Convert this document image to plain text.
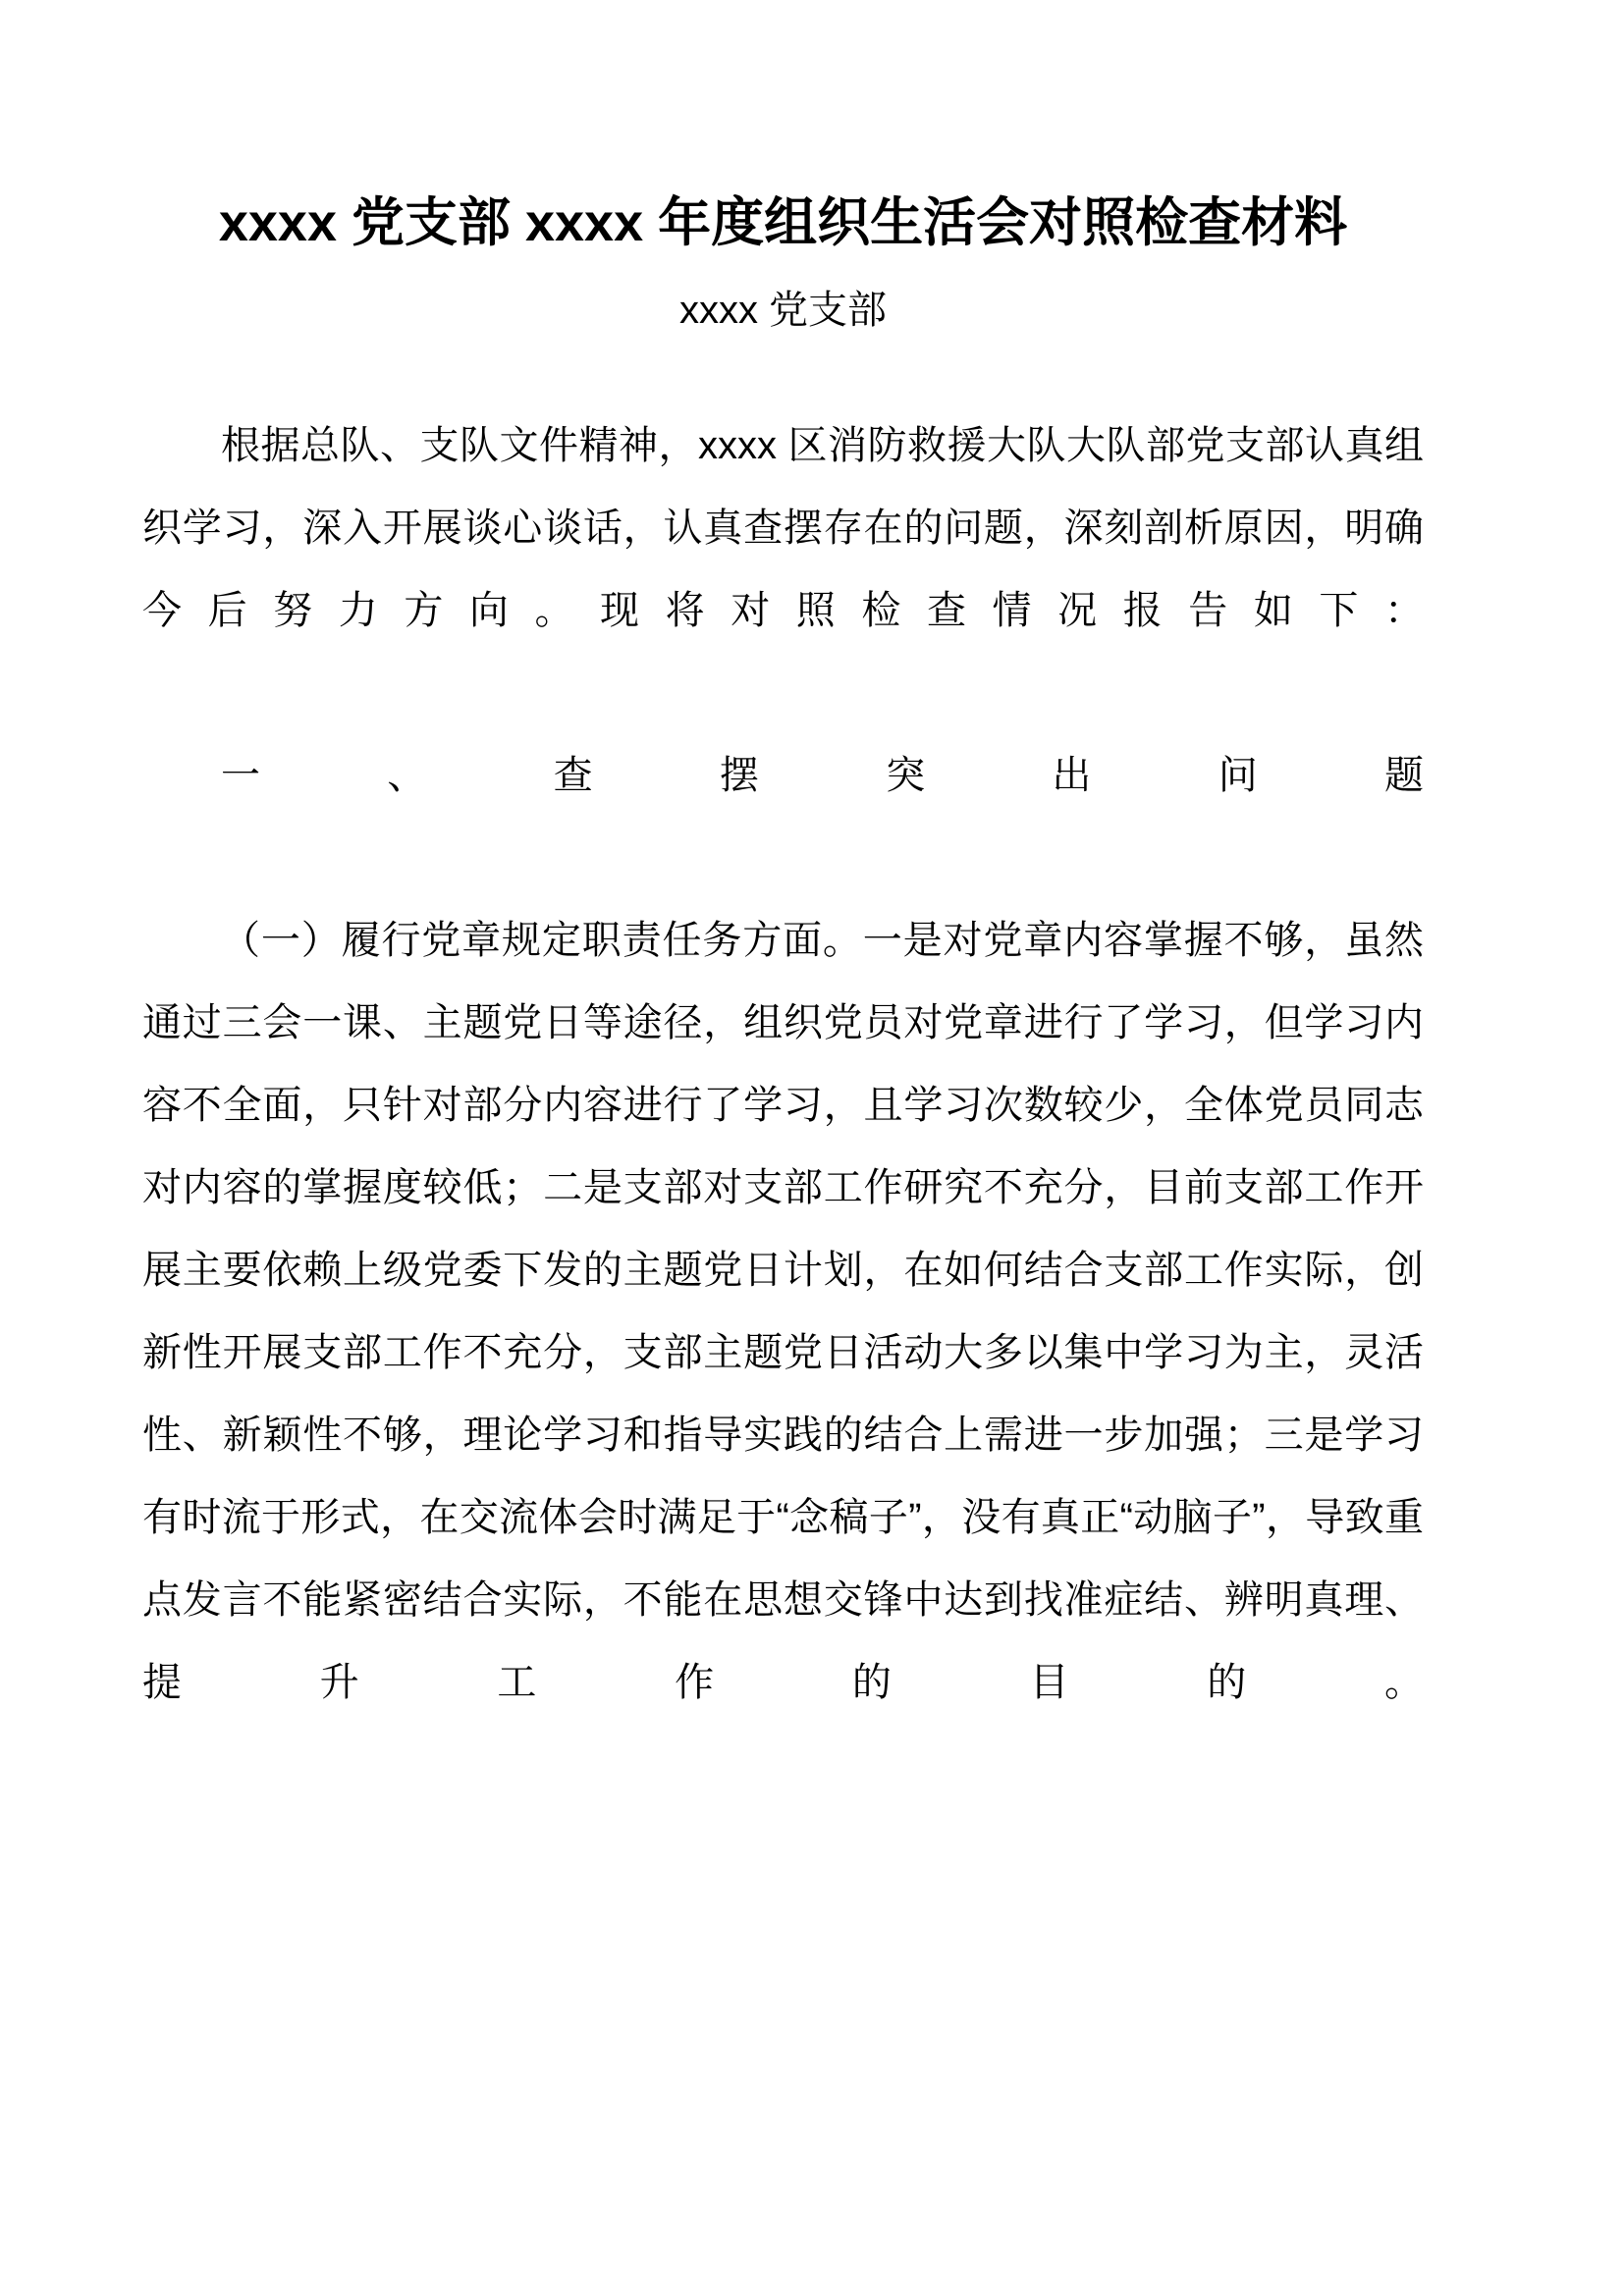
xxxx 党支部 xxxx 年度组织生活会对照检查材料
xxxx 党支部

根据总队、支队文件精神，xxxx 区消防救援大队大队部党支部认真组织学习，深入开展谈心谈话，认真查摆存在的问题，深刻剖析原因，明确今后努力方向。现将对照检查情况报告如下：

一、查摆突出问题

（一）履行党章规定职责任务方面。一是对党章内容掌握不够，虽然通过三会一课、主题党日等途径，组织党员对党章进行了学习，但学习内容不全面，只针对部分内容进行了学习，且学习次数较少，全体党员同志对内容的掌握度较低；二是支部对支部工作研究不充分，目前支部工作开展主要依赖上级党委下发的主题党日计划，在如何结合支部工作实际，创新性开展支部工作不充分，支部主题党日活动大多以集中学习为主，灵活性、新颖性不够，理论学习和指导实践的结合上需进一步加强；三是学习有时流于形式，在交流体会时满足于“念稿子”，没有真正“动脑子”，导致重点发言不能紧密结合实际，不能在思想交锋中达到找准症结、辨明真理、提升工作的目的。
